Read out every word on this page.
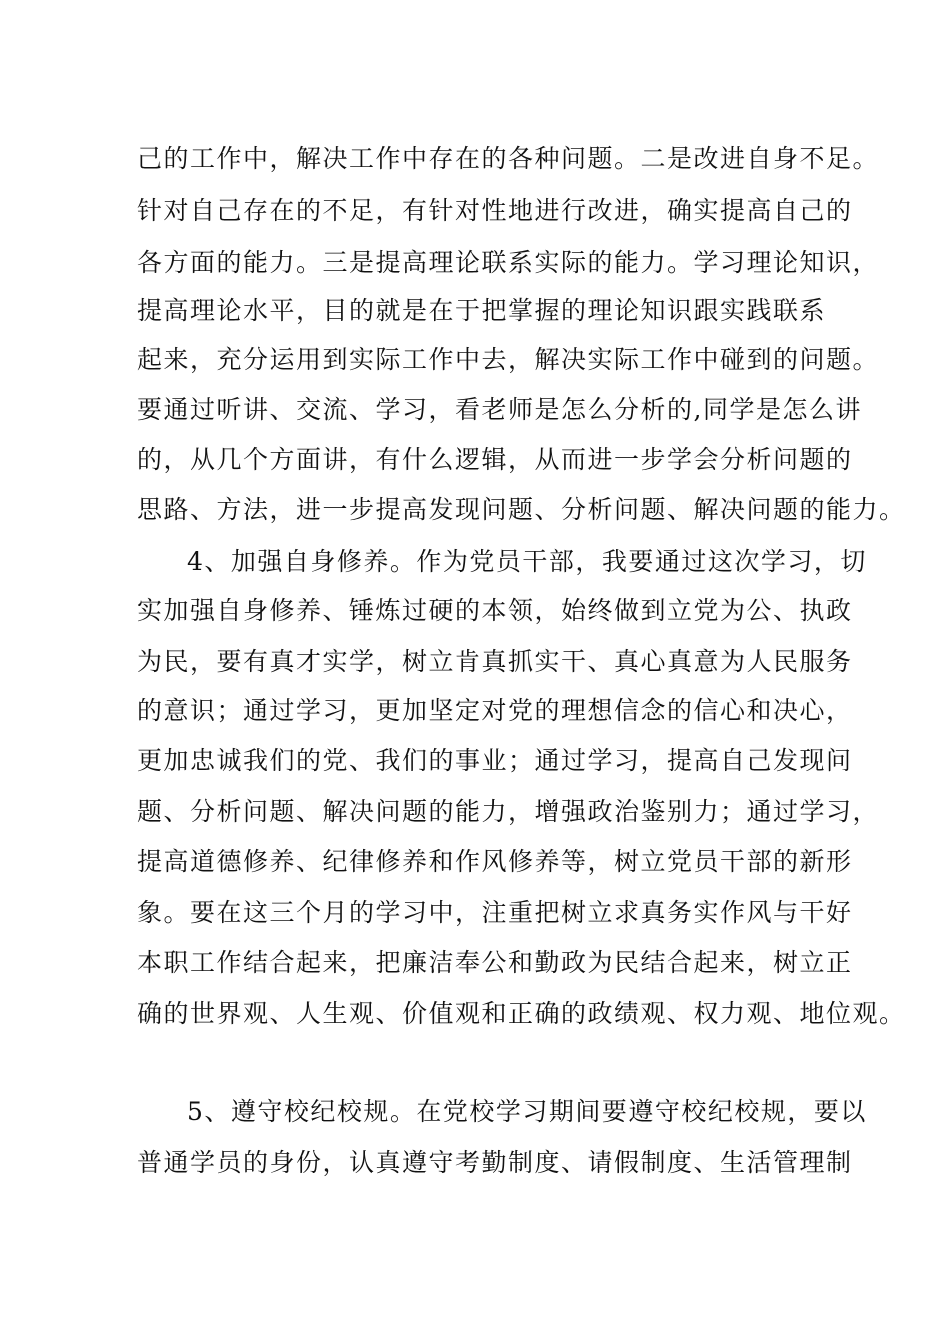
己的工作中，解决工作中存在的各种问题。二是改进自身不足。
针对自己存在的不足，有针对性地进行改进，确实提高自己的
各方面的能力。三是提高理论联系实际的能力。学习理论知识，
提高理论水平，目的就是在于把掌握的理论知识跟实践联系
起来，充分运用到实际工作中去，解决实际工作中碰到的问题。
要通过听讲、交流、学习，看老师是怎么分析的,同学是怎么讲
的，从几个方面讲，有什么逻辑，从而进一步学会分析问题的
思路、方法，进一步提高发现问题、分析问题、解决问题的能力。
4、加强自身修养。作为党员干部，我要通过这次学习，切
实加强自身修养、锤炼过硬的本领，始终做到立党为公、执政
为民，要有真才实学，树立肯真抓实干、真心真意为人民服务
的意识；通过学习，更加坚定对党的理想信念的信心和决心，
更加忠诚我们的党、我们的事业；通过学习，提高自己发现问
题、分析问题、解决问题的能力，增强政治鉴别力；通过学习，
提高道德修养、纪律修养和作风修养等，树立党员干部的新形
象。要在这三个月的学习中，注重把树立求真务实作风与干好
本职工作结合起来，把廉洁奉公和勤政为民结合起来，树立正
确的世界观、人生观、价值观和正确的政绩观、权力观、地位观。
5、遵守校纪校规。在党校学习期间要遵守校纪校规，要以
普通学员的身份，认真遵守考勤制度、请假制度、生活管理制
